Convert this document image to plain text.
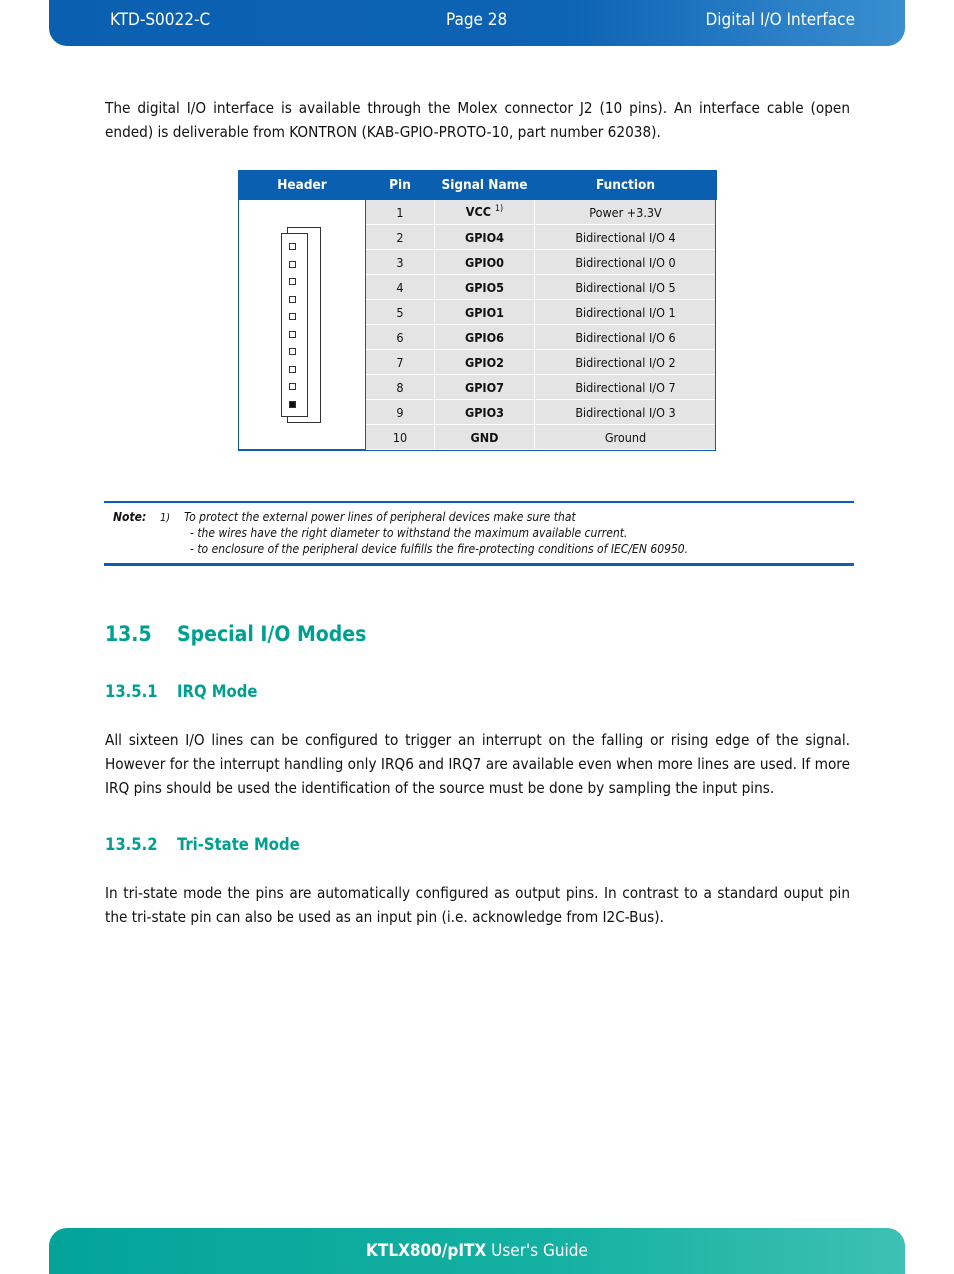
KTD-S0022-C	Page 28	Digital I/O Interface
The digital I/O interface is available through the Molex connector J2 (10 pins). An interface cable (open ended) is deliverable from KONTRON (KAB-GPIO-PROTO-10, part number 62038).
Header	Pin	Signal Name	Function

	1	VCC $^{1)}$	Power +3.3V
	2	GPIO4	Bidirectional I/O 4
	3	GPIO0	Bidirectional I/O 0
	4	GPIO5	Bidirectional I/O 5
	5	GPIO1	Bidirectional I/O 1
	6	GPIO6	Bidirectional I/O 6
	7	GPIO2	Bidirectional I/O 2
	8	GPIO7	Bidirectional I/O 7
	9	GPIO3	Bidirectional I/O 3
	10	GND	Ground
Note: 1) To protect the external power lines of peripheral devices make sure that
- the wires have the right diameter to withstand the maximum available current.
- to enclosure of the peripheral device fulfills the fire-protecting conditions of IEC/EN 60950.
13.5 Special I/O Modes
13.5.1 IRQ Mode
All sixteen I/O lines can be configured to trigger an interrupt on the falling or rising edge of the signal. However for the interrupt handling only IRQ6 and IRQ7 are available even when more lines are used. If more IRQ pins should be used the identification of the source must be done by sampling the input pins.
13.5.2 Tri-State Mode
In tri-state mode the pins are automatically configured as output pins. In contrast to a standard ouput pin the tri-state pin can also be used as an input pin (i.e. acknowledge from I2C-Bus).
KTLX800/pITX User's Guide
